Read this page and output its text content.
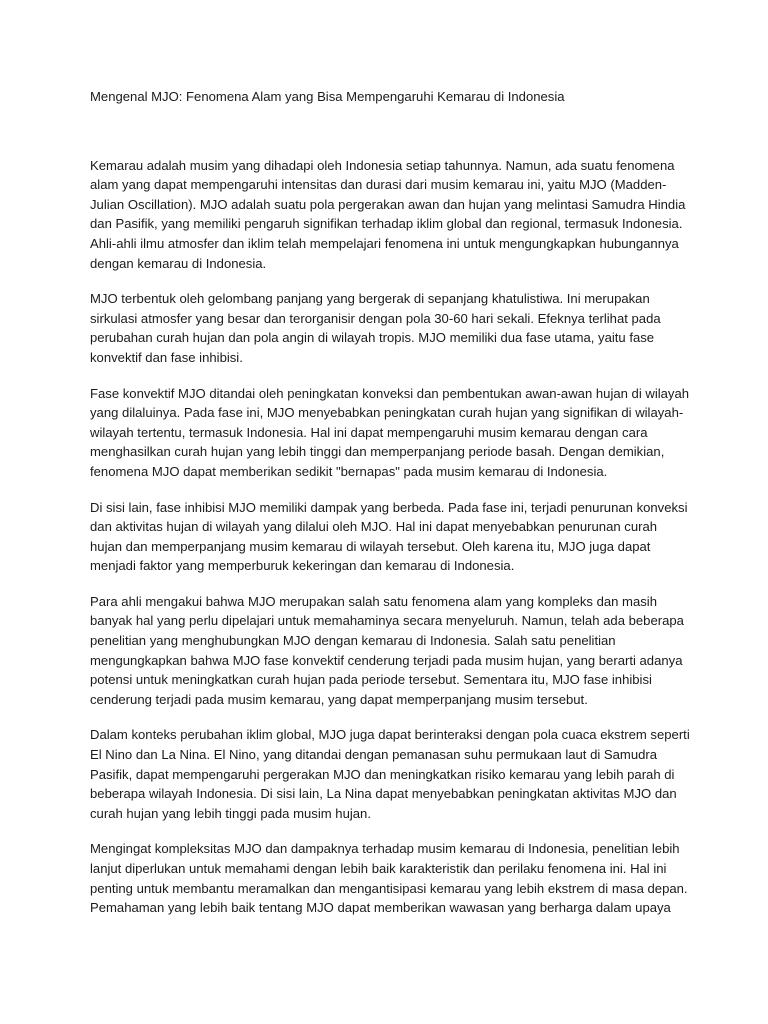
Mengenal MJO: Fenomena Alam yang Bisa Mempengaruhi Kemarau di Indonesia

Kemarau adalah musim yang dihadapi oleh Indonesia setiap tahunnya. Namun, ada suatu fenomena alam yang dapat mempengaruhi intensitas dan durasi dari musim kemarau ini, yaitu MJO (Madden-Julian Oscillation). MJO adalah suatu pola pergerakan awan dan hujan yang melintasi Samudra Hindia dan Pasifik, yang memiliki pengaruh signifikan terhadap iklim global dan regional, termasuk Indonesia. Ahli-ahli ilmu atmosfer dan iklim telah mempelajari fenomena ini untuk mengungkapkan hubungannya dengan kemarau di Indonesia.

MJO terbentuk oleh gelombang panjang yang bergerak di sepanjang khatulistiwa. Ini merupakan sirkulasi atmosfer yang besar dan terorganisir dengan pola 30-60 hari sekali. Efeknya terlihat pada perubahan curah hujan dan pola angin di wilayah tropis. MJO memiliki dua fase utama, yaitu fase konvektif dan fase inhibisi.

Fase konvektif MJO ditandai oleh peningkatan konveksi dan pembentukan awan-awan hujan di wilayah yang dilaluinya. Pada fase ini, MJO menyebabkan peningkatan curah hujan yang signifikan di wilayah-wilayah tertentu, termasuk Indonesia. Hal ini dapat mempengaruhi musim kemarau dengan cara menghasilkan curah hujan yang lebih tinggi dan memperpanjang periode basah. Dengan demikian, fenomena MJO dapat memberikan sedikit "bernapas" pada musim kemarau di Indonesia.

Di sisi lain, fase inhibisi MJO memiliki dampak yang berbeda. Pada fase ini, terjadi penurunan konveksi dan aktivitas hujan di wilayah yang dilalui oleh MJO. Hal ini dapat menyebabkan penurunan curah hujan dan memperpanjang musim kemarau di wilayah tersebut. Oleh karena itu, MJO juga dapat menjadi faktor yang memperburuk kekeringan dan kemarau di Indonesia.

Para ahli mengakui bahwa MJO merupakan salah satu fenomena alam yang kompleks dan masih banyak hal yang perlu dipelajari untuk memahaminya secara menyeluruh. Namun, telah ada beberapa penelitian yang menghubungkan MJO dengan kemarau di Indonesia. Salah satu penelitian mengungkapkan bahwa MJO fase konvektif cenderung terjadi pada musim hujan, yang berarti adanya potensi untuk meningkatkan curah hujan pada periode tersebut. Sementara itu, MJO fase inhibisi cenderung terjadi pada musim kemarau, yang dapat memperpanjang musim tersebut.

Dalam konteks perubahan iklim global, MJO juga dapat berinteraksi dengan pola cuaca ekstrem seperti El Nino dan La Nina. El Nino, yang ditandai dengan pemanasan suhu permukaan laut di Samudra Pasifik, dapat mempengaruhi pergerakan MJO dan meningkatkan risiko kemarau yang lebih parah di beberapa wilayah Indonesia. Di sisi lain, La Nina dapat menyebabkan peningkatan aktivitas MJO dan curah hujan yang lebih tinggi pada musim hujan.

Mengingat kompleksitas MJO dan dampaknya terhadap musim kemarau di Indonesia, penelitian lebih lanjut diperlukan untuk memahami dengan lebih baik karakteristik dan perilaku fenomena ini. Hal ini penting untuk membantu meramalkan dan mengantisipasi kemarau yang lebih ekstrem di masa depan. Pemahaman yang lebih baik tentang MJO dapat memberikan wawasan yang berharga dalam upaya
